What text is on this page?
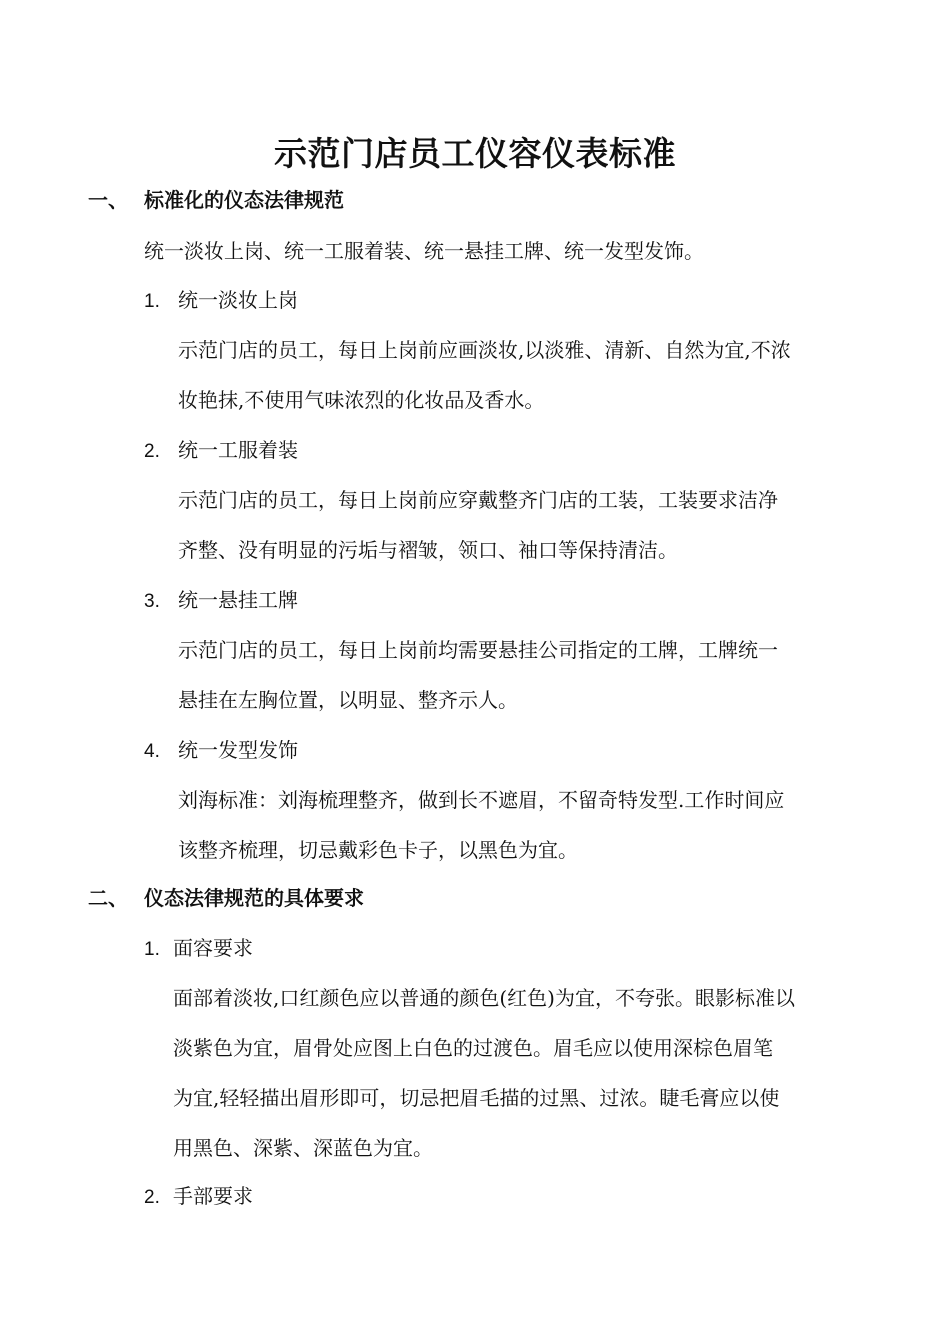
示范门店员工仪容仪表标准
一、 标准化的仪态法律规范
统一淡妆上岗、统一工服着装、统一悬挂工牌、统一发型发饰。
1. 统一淡妆上岗
示范门店的员工，每日上岗前应画淡妆,以淡雅、清新、自然为宜,不浓
妆艳抹,不使用气味浓烈的化妆品及香水。
2. 统一工服着装
示范门店的员工，每日上岗前应穿戴整齐门店的工装，工装要求洁净
齐整、没有明显的污垢与褶皱，领口、袖口等保持清洁。
3. 统一悬挂工牌
示范门店的员工，每日上岗前均需要悬挂公司指定的工牌，工牌统一
悬挂在左胸位置，以明显、整齐示人。
4. 统一发型发饰
刘海标准：刘海梳理整齐，做到长不遮眉，不留奇特发型.工作时间应
该整齐梳理，切忌戴彩色卡子，以黑色为宜。
二、 仪态法律规范的具体要求
1. 面容要求
面部着淡妆,口红颜色应以普通的颜色(红色)为宜，不夸张。眼影标准以
淡紫色为宜，眉骨处应图上白色的过渡色。眉毛应以使用深棕色眉笔
为宜,轻轻描出眉形即可，切忌把眉毛描的过黑、过浓。睫毛膏应以使
用黑色、深紫、深蓝色为宜。
2. 手部要求
